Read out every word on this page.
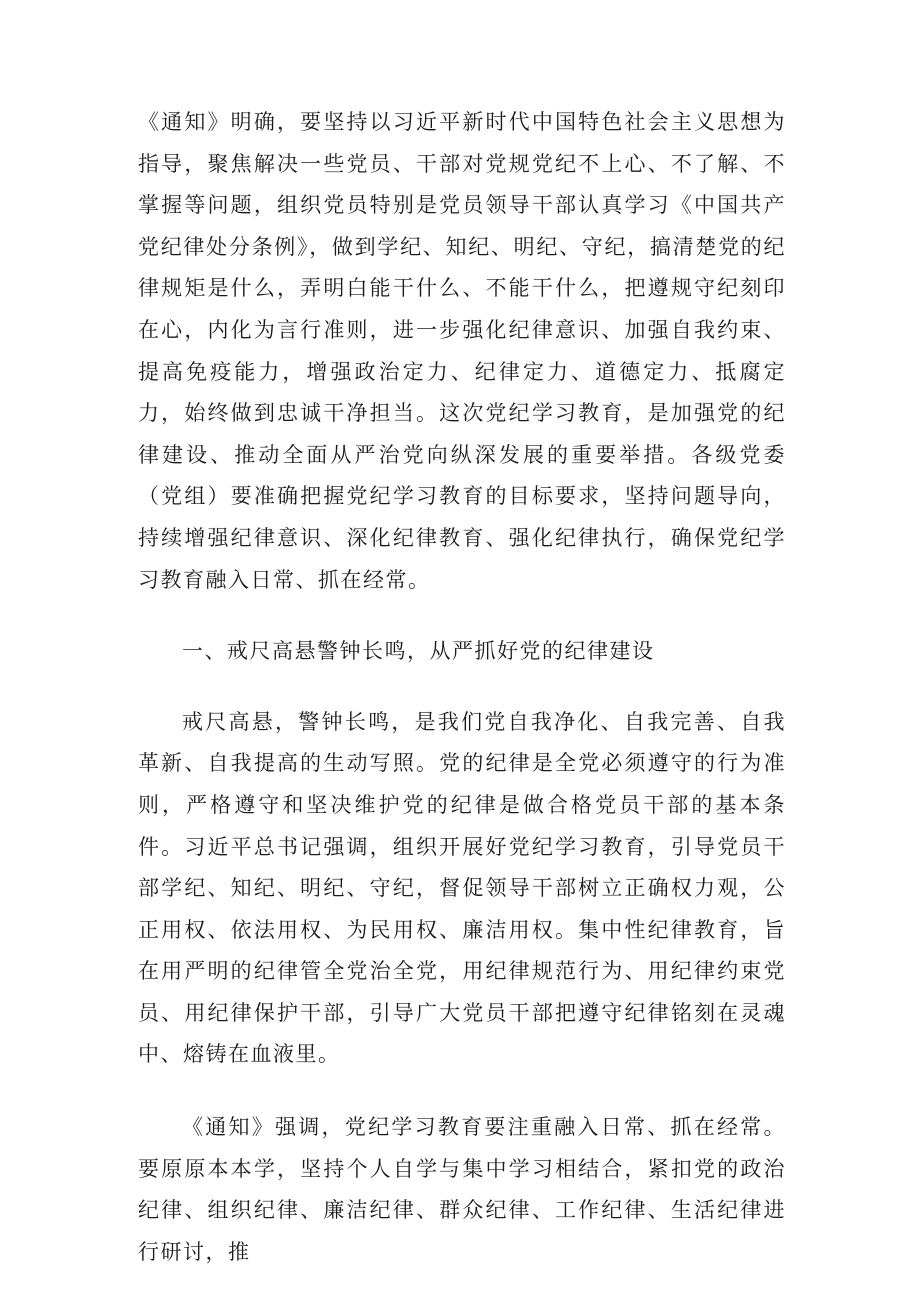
《通知》明确，要坚持以习近平新时代中国特色社会主义思想为指导，聚焦解决一些党员、干部对党规党纪不上心、不了解、不掌握等问题，组织党员特别是党员领导干部认真学习《中国共产党纪律处分条例》，做到学纪、知纪、明纪、守纪，搞清楚党的纪律规矩是什么，弄明白能干什么、不能干什么，把遵规守纪刻印在心，内化为言行准则，进一步强化纪律意识、加强自我约束、提高免疫能力，增强政治定力、纪律定力、道德定力、抵腐定力，始终做到忠诚干净担当。这次党纪学习教育，是加强党的纪律建设、推动全面从严治党向纵深发展的重要举措。各级党委（党组）要准确把握党纪学习教育的目标要求，坚持问题导向，持续增强纪律意识、深化纪律教育、强化纪律执行，确保党纪学习教育融入日常、抓在经常。

一、戒尺高悬警钟长鸣，从严抓好党的纪律建设

戒尺高悬，警钟长鸣，是我们党自我净化、自我完善、自我革新、自我提高的生动写照。党的纪律是全党必须遵守的行为准则，严格遵守和坚决维护党的纪律是做合格党员干部的基本条件。习近平总书记强调，组织开展好党纪学习教育，引导党员干部学纪、知纪、明纪、守纪，督促领导干部树立正确权力观，公正用权、依法用权、为民用权、廉洁用权。集中性纪律教育，旨在用严明的纪律管全党治全党，用纪律规范行为、用纪律约束党员、用纪律保护干部，引导广大党员干部把遵守纪律铭刻在灵魂中、熔铸在血液里。

《通知》强调，党纪学习教育要注重融入日常、抓在经常。要原原本本学，坚持个人自学与集中学习相结合，紧扣党的政治纪律、组织纪律、廉洁纪律、群众纪律、工作纪律、生活纪律进行研讨，推
